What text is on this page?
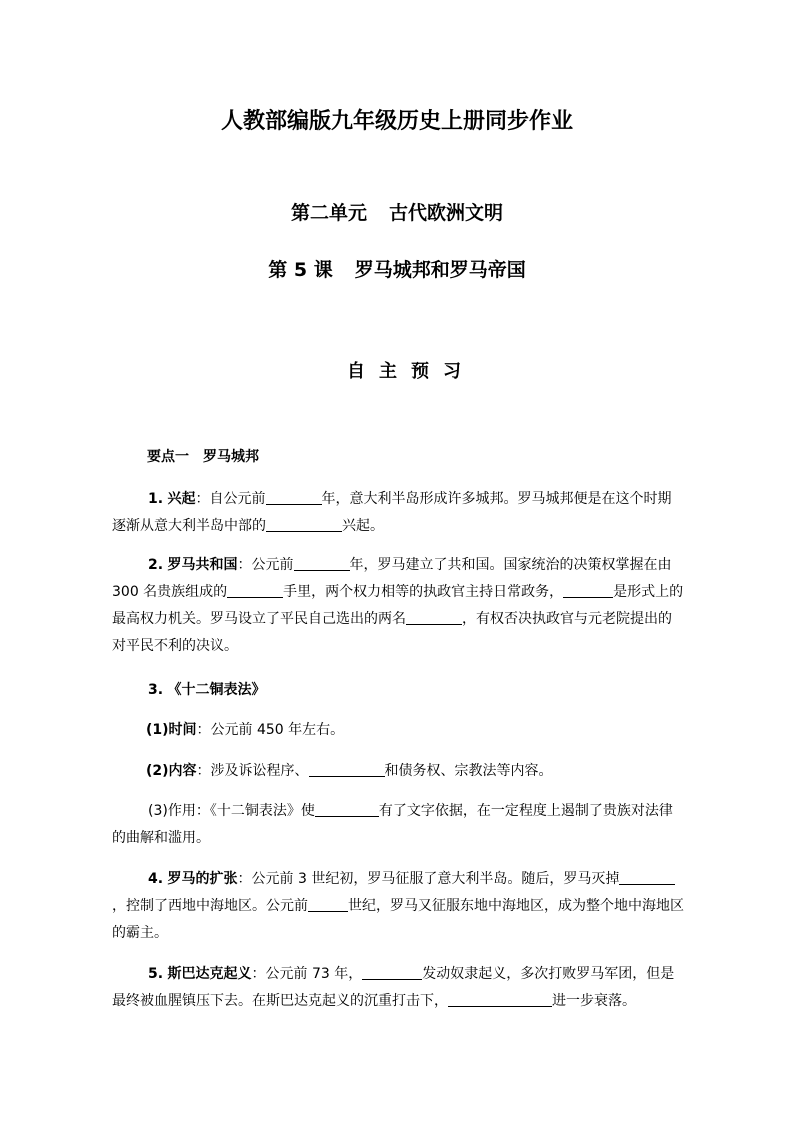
人教部编版九年级历史上册同步作业
第二单元 古代欧洲文明
第 5 课 罗马城邦和罗马帝国
自主预习
要点一 罗马城邦
1. 兴起：自公元前	年，意大利半岛形成许多城邦。罗马城邦便是在这个时期逐渐从意大利半岛中部的	兴起。
2. 罗马共和国：公元前	年，罗马建立了共和国。国家统治的决策权掌握在由 300 名贵族组成的	手里，两个权力相等的执政官主持日常政务，	是形式上的最高权力机关。罗马设立了平民自己选出的两名	，有权否决执政官与元老院提出的对平民不利的决议。
3. 《十二铜表法》
(1)时间：公元前 450 年左右。
(2)内容：涉及诉讼程序、	和债务权、宗教法等内容。
(3)作用：《十二铜表法》使	有了文字依据，在一定程度上遏制了贵族对法律的曲解和滥用。
4. 罗马的扩张：公元前 3 世纪初，罗马征服了意大利半岛。随后，罗马灭掉，控制了西地中海地区。公元前	世纪，罗马又征服东地中海地区，成为整个地中海地区的霸主。
5. 斯巴达克起义：公元前 73 年，	发动奴隶起义，多次打败罗马军团，但是最终被血腥镇压下去。在斯巴达克起义的沉重打击下，	进一步衰落。
